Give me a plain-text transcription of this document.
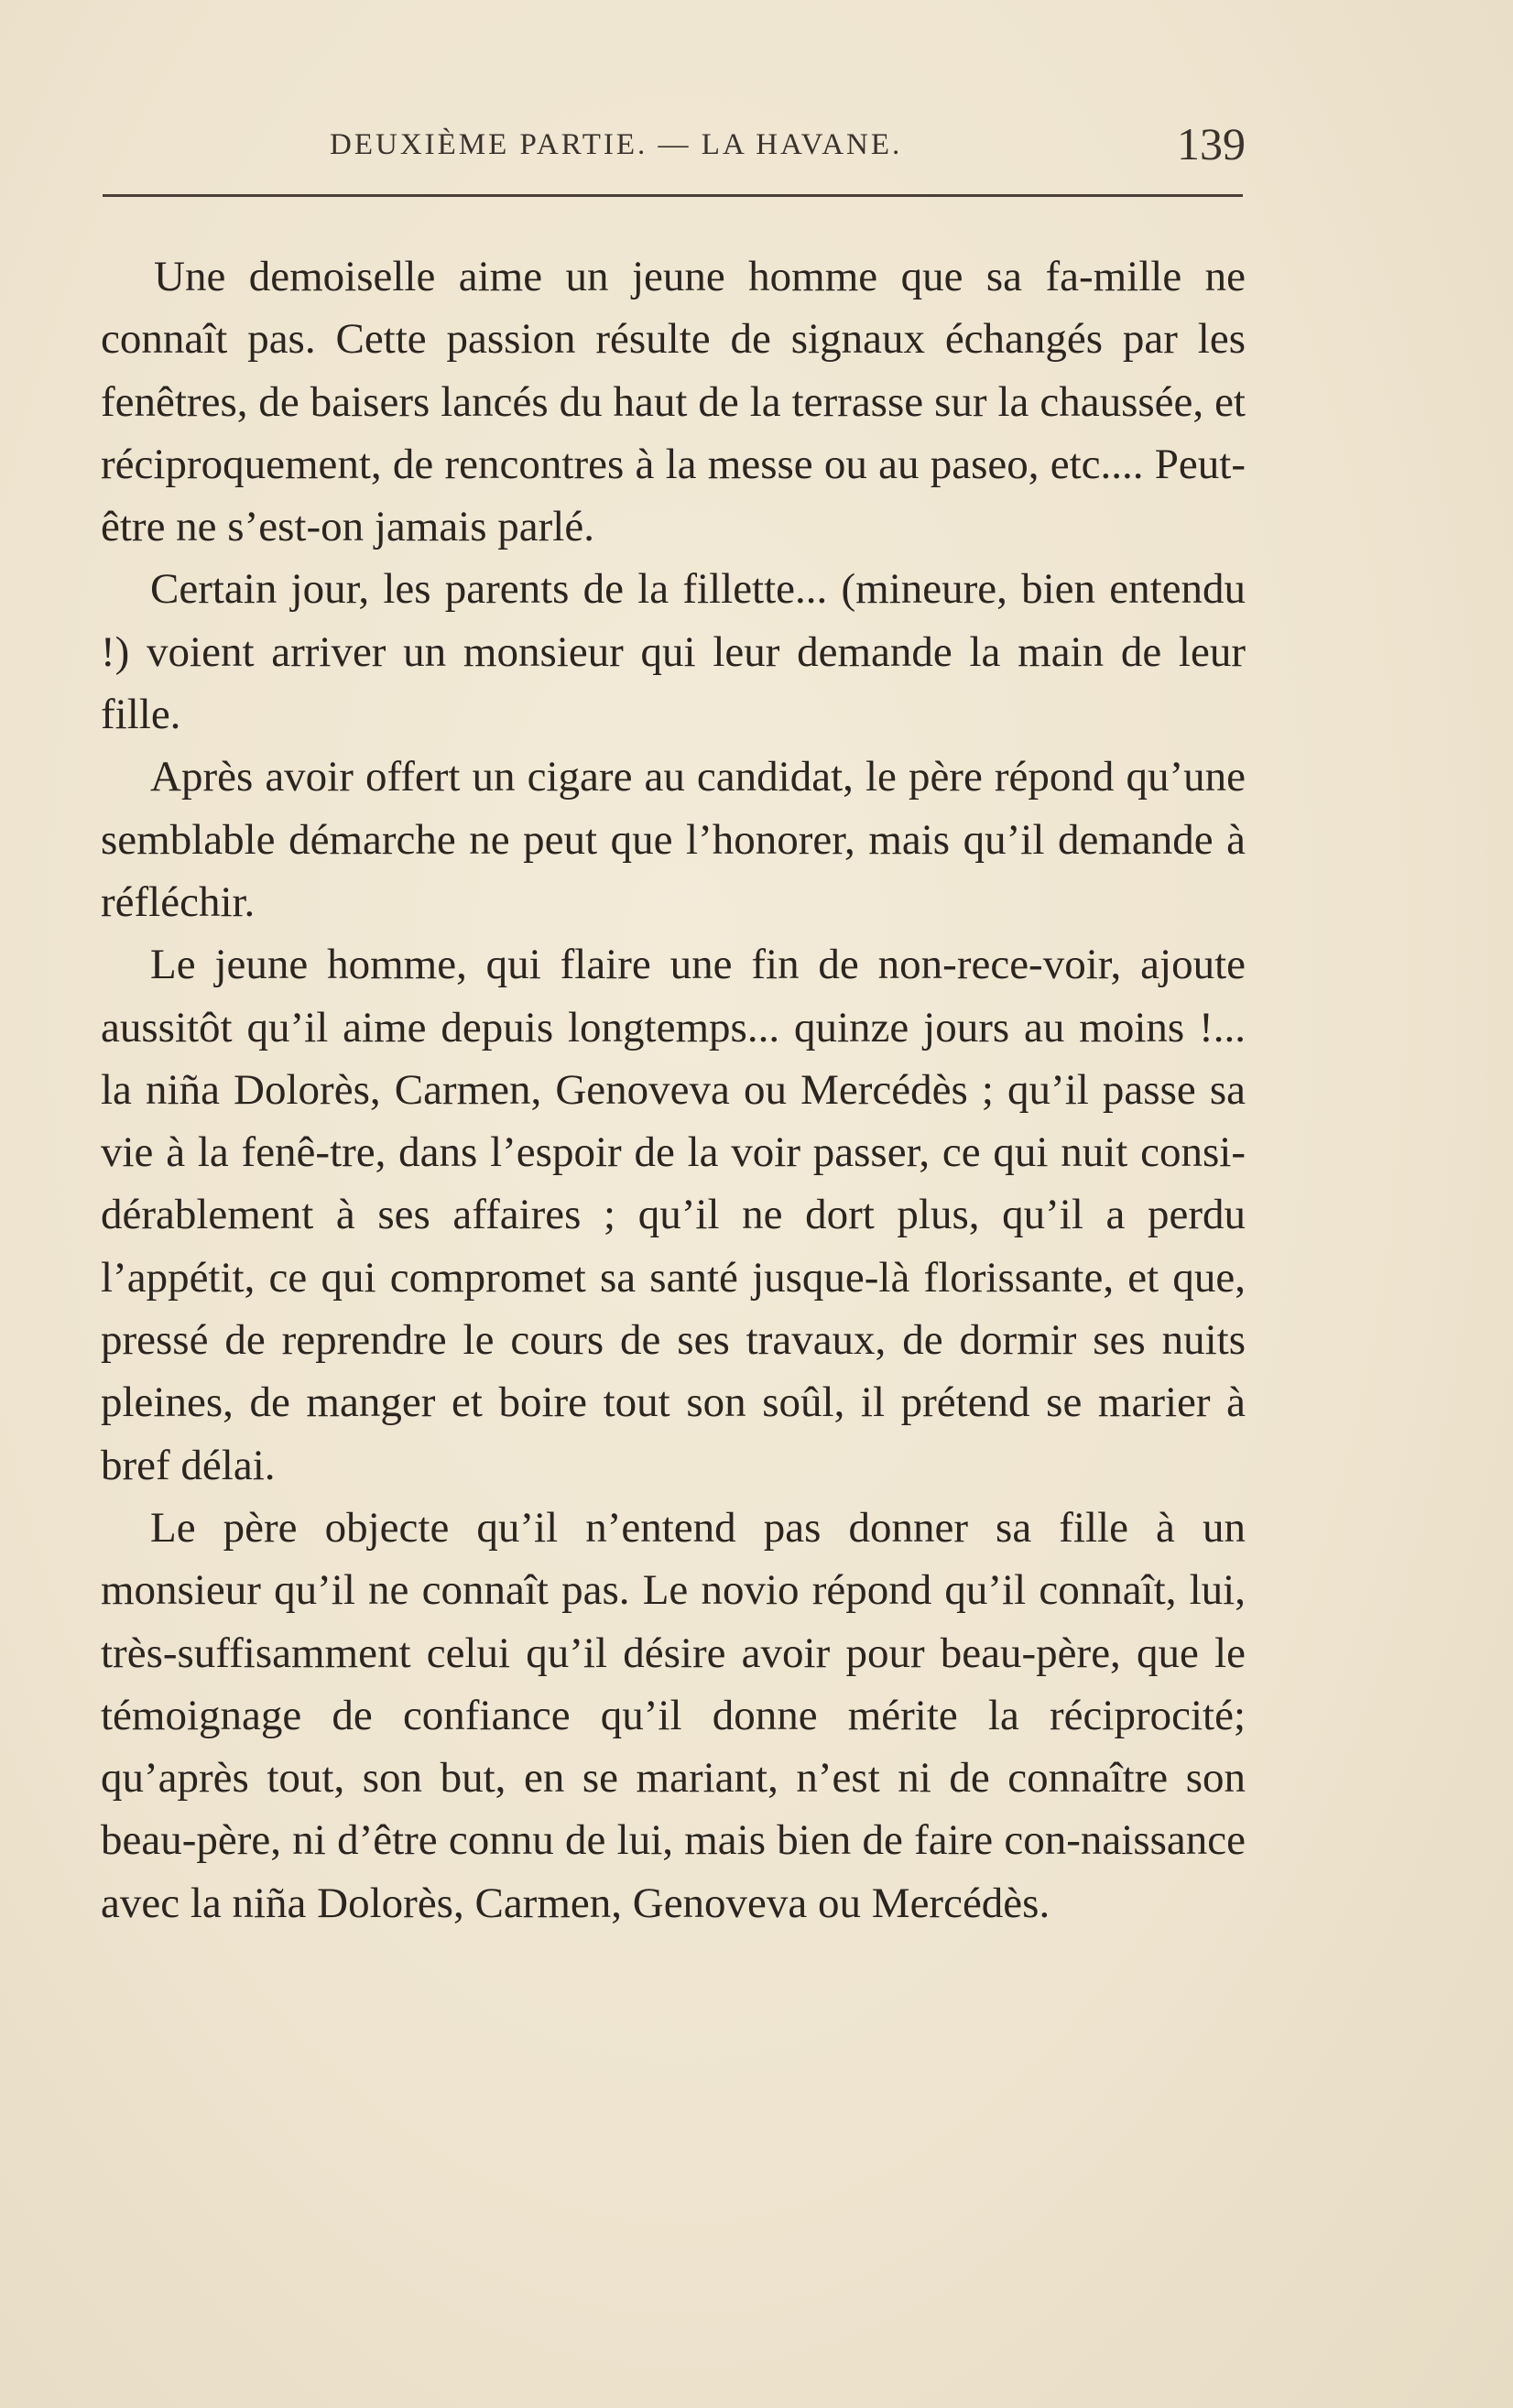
DEUXIÈME PARTIE. — LA HAVANE.	139

Une demoiselle aime un jeune homme que sa fa-mille ne connaît pas. Cette passion résulte de signaux échangés par les fenêtres, de baisers lancés du haut de la terrasse sur la chaussée, et réciproquement, de rencontres à la messe ou au paseo, etc.... Peut-être ne s’est-on jamais parlé.

Certain jour, les parents de la fillette... (mineure, bien entendu !) voient arriver un monsieur qui leur demande la main de leur fille.

Après avoir offert un cigare au candidat, le père répond qu’une semblable démarche ne peut que l’honorer, mais qu’il demande à réfléchir.

Le jeune homme, qui flaire une fin de non-rece-voir, ajoute aussitôt qu’il aime depuis longtemps... quinze jours au moins !... la niña Dolorès, Carmen, Genoveva ou Mercédès ; qu’il passe sa vie à la fenê-tre, dans l’espoir de la voir passer, ce qui nuit consi-dérablement à ses affaires ; qu’il ne dort plus, qu’il a perdu l’appétit, ce qui compromet sa santé jusque-là florissante, et que, pressé de reprendre le cours de ses travaux, de dormir ses nuits pleines, de manger et boire tout son soûl, il prétend se marier à bref délai.

Le père objecte qu’il n’entend pas donner sa fille à un monsieur qu’il ne connaît pas. Le novio répond qu’il connaît, lui, très-suffisamment celui qu’il désire avoir pour beau-père, que le témoignage de confiance qu’il donne mérite la réciprocité; qu’après tout, son but, en se mariant, n’est ni de connaître son beau-père, ni d’être connu de lui, mais bien de faire con-naissance avec la niña Dolorès, Carmen, Genoveva ou Mercédès.
